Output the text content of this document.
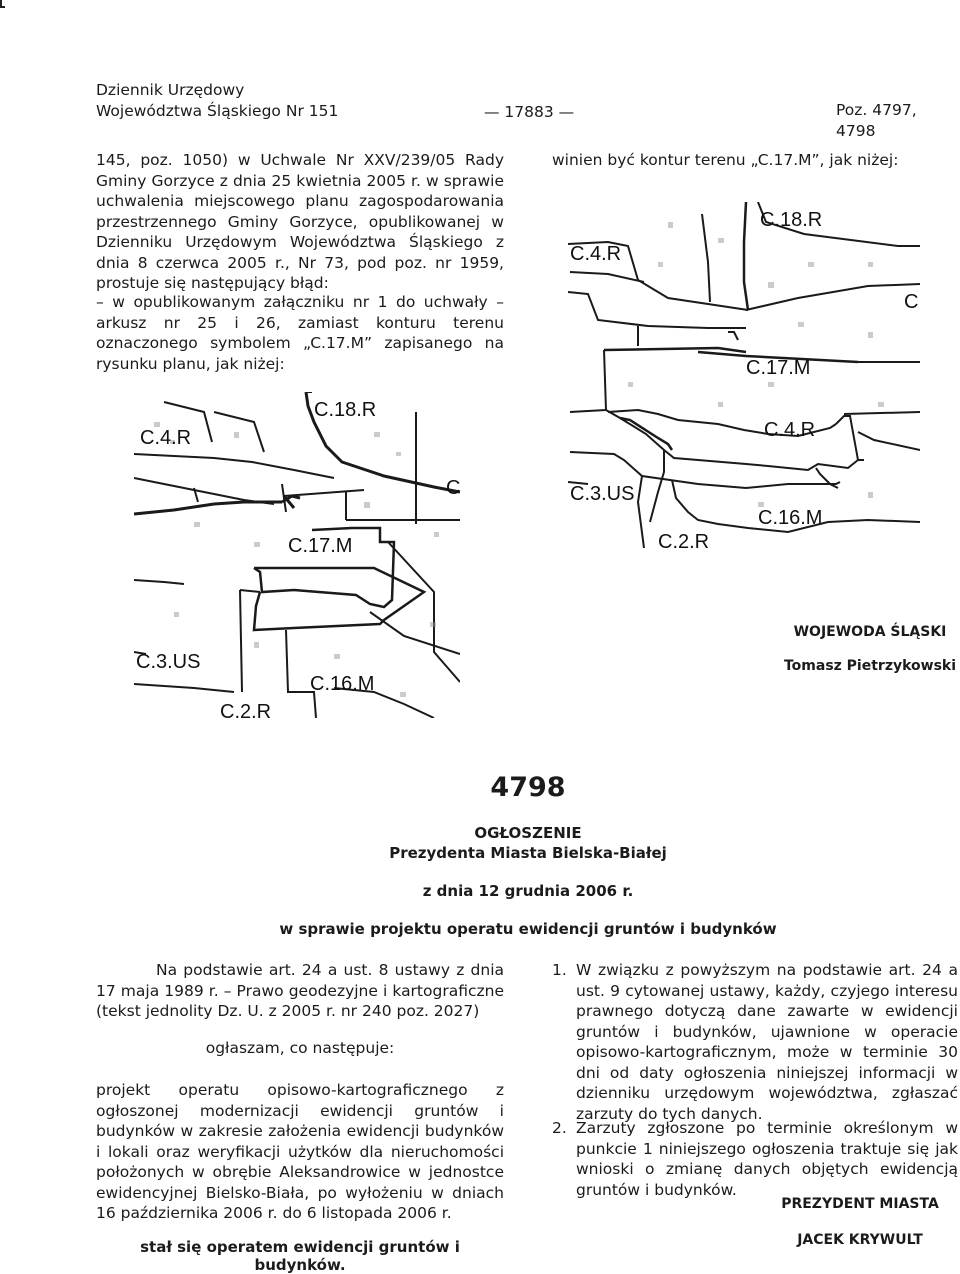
Dziennik Urzędowy
Województwa Śląskiego Nr 151	— 17883 —	Poz. 4797, 4798
145, poz. 1050) w Uchwale Nr XXV/239/05 Rady Gminy Gorzyce z dnia 25 kwietnia 2005 r. w sprawie uchwalenia miejscowego planu zagospodarowania przestrzennego Gminy Gorzyce, opublikowanej w Dzienniku Urzędowym Województwa Śląskiego z dnia 8 czerwca 2005 r., Nr 73, pod poz. nr 1959, prostuje się następujący błąd:
– w opublikowanym załączniku nr 1 do uchwały – arkusz nr 25 i 26, zamiast konturu terenu oznaczonego symbolem „C.17.M” zapisanego na rysunku planu, jak niżej:
winien być kontur terenu „C.17.M”, jak niżej:
C.18.R
C.4.R
C
C.17.M
C.3.US
C.16.M
C.2.R
C.18.R
C.4.R
C
C.17.M
C.4.R
C.3.US
C.16.M
C.2.R
WOJEWODA ŚLĄSKI
Tomasz Pietrzykowski
4798
OGŁOSZENIE
Prezydenta Miasta Bielska-Białej
z dnia 12 grudnia 2006 r.
w sprawie projektu operatu ewidencji gruntów i budynków
Na podstawie art. 24 a ust. 8 ustawy z dnia 17 maja 1989 r. – Prawo geodezyjne i kartograficzne (tekst jednolity Dz. U. z 2005 r. nr 240 poz. 2027)
ogłaszam, co następuje:
projekt operatu opisowo-kartograficznego z ogłoszonej modernizacji ewidencji gruntów i budynków w zakresie założenia ewidencji budynków i lokali oraz weryfikacji użytków dla nieruchomości położonych w obrębie Aleksandrowice w jednostce ewidencyjnej Bielsko-Biała, po wyłożeniu w dniach 16 października 2006 r. do 6 listopada 2006 r.
stał się operatem ewidencji gruntów i budynków.
1. W związku z powyższym na podstawie art. 24 a ust. 9 cytowanej ustawy, każdy, czyjego interesu prawnego dotyczą dane zawarte w ewidencji gruntów i budynków, ujawnione w operacie opisowo-kartograficznym, może w terminie 30 dni od daty ogłoszenia niniejszej informacji w dzienniku urzędowym województwa, zgłaszać zarzuty do tych danych.
2. Zarzuty zgłoszone po terminie określonym w punkcie 1 niniejszego ogłoszenia traktuje się jak wnioski o zmianę danych objętych ewidencją gruntów i budynków.
PREZYDENT MIASTA
JACEK KRYWULT
